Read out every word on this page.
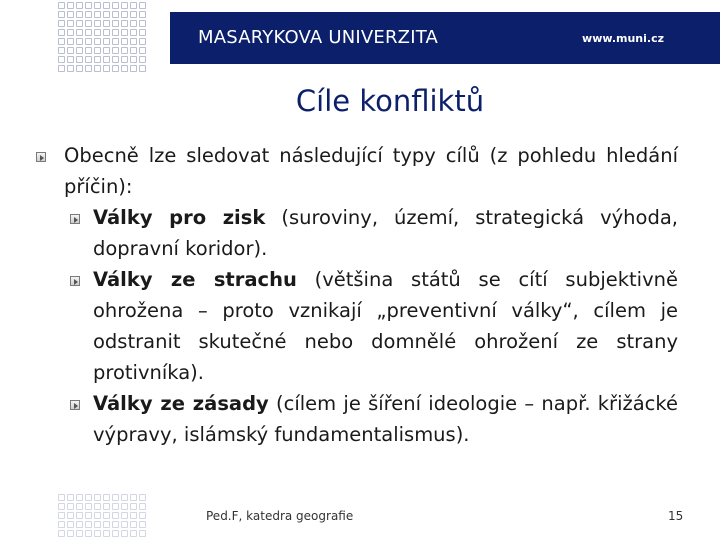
MASARYKOVA UNIVERZITA	www.muni.cz
Cíle konfliktů

Obecně lze sledovat následující typy cílů (z pohledu hledání příčin):

Války pro zisk (suroviny, území, strategická výhoda, dopravní koridor).

Války ze strachu (většina států se cítí subjektivně ohrožena – proto vznikají „preventivní války“, cílem je odstranit skutečné nebo domnělé ohrožení ze strany protivníka).

Války ze zásady (cílem je šíření ideologie – např. křižácké výpravy, islámský fundamentalismus).

Ped.F, katedra geografie	15
